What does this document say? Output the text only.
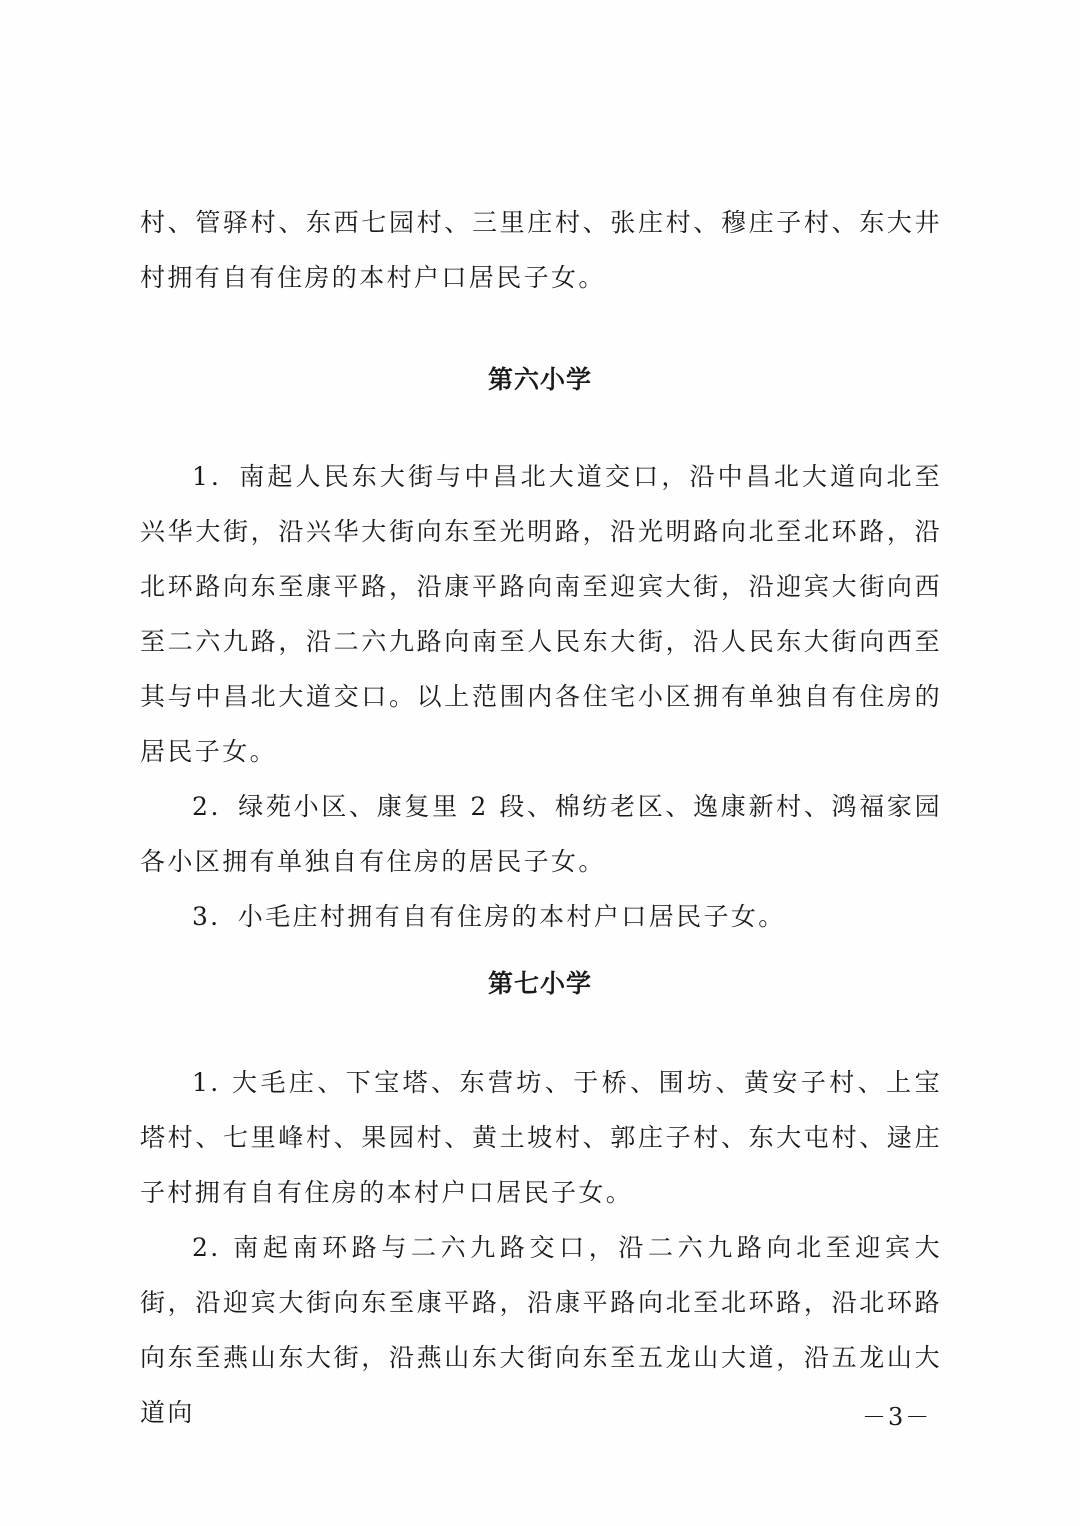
村、管驿村、东西七园村、三里庄村、张庄村、穆庄子村、东大井村拥有自有住房的本村户口居民子女。

第六小学

1．南起人民东大街与中昌北大道交口，沿中昌北大道向北至兴华大街，沿兴华大街向东至光明路，沿光明路向北至北环路，沿北环路向东至康平路，沿康平路向南至迎宾大街，沿迎宾大街向西至二六九路，沿二六九路向南至人民东大街，沿人民东大街向西至其与中昌北大道交口。以上范围内各住宅小区拥有单独自有住房的居民子女。

2．绿苑小区、康复里 2 段、棉纺老区、逸康新村、鸿福家园各小区拥有单独自有住房的居民子女。

3．小毛庄村拥有自有住房的本村户口居民子女。

第七小学

1. 大毛庄、下宝塔、东营坊、于桥、围坊、黄安子村、上宝塔村、七里峰村、果园村、黄土坡村、郭庄子村、东大屯村、逯庄子村拥有自有住房的本村户口居民子女。

2. 南起南环路与二六九路交口，沿二六九路向北至迎宾大街，沿迎宾大街向东至康平路，沿康平路向北至北环路，沿北环路向东至燕山东大街，沿燕山东大街向东至五龙山大道，沿五龙山大道向	－3－
